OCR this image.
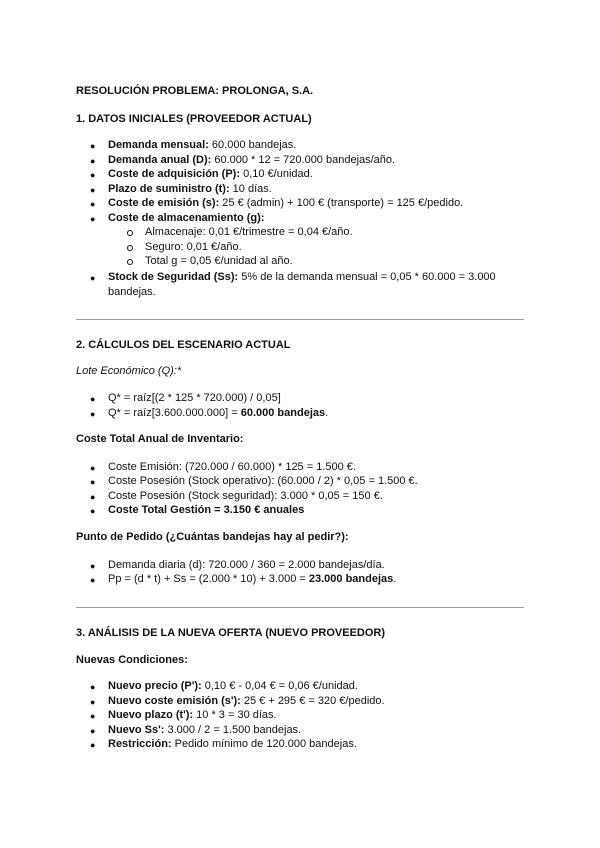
RESOLUCIÓN PROBLEMA: PROLONGA, S.A.
1. DATOS INICIALES (PROVEEDOR ACTUAL)
● Demanda mensual: 60.000 bandejas.
● Demanda anual (D): 60.000 * 12 = 720.000 bandejas/año.
● Coste de adquisición (P): 0,10 €/unidad.
● Plazo de suministro (t): 10 días.
● Coste de emisión (s): 25 € (admin) + 100 € (transporte) = 125 €/pedido.
● Coste de almacenamiento (g):
Almacenaje: 0,01 €/trimestre = 0,04 €/año.
Seguro: 0,01 €/año.
Total g = 0,05 €/unidad al año.
● Stock de Seguridad (Ss): 5% de la demanda mensual = 0,05 * 60.000 = 3.000
bandejas.
2. CÁLCULOS DEL ESCENARIO ACTUAL
Lote Económico (Q):*
● Q* = raíz[(2 * 125 * 720.000) / 0,05]
● Q* = raíz[3.600.000.000] = 60.000 bandejas.
Coste Total Anual de Inventario:
● Coste Emisión: (720.000 / 60.000) * 125 = 1.500 €.
● Coste Posesión (Stock operativo): (60.000 / 2) * 0,05 = 1.500 €.
● Coste Posesión (Stock seguridad): 3.000 * 0,05 = 150 €.
● Coste Total Gestión = 3.150 € anuales
Punto de Pedido (¿Cuántas bandejas hay al pedir?):
● Demanda diaria (d): 720.000 / 360 = 2.000 bandejas/día.
● Pp = (d * t) + Ss = (2.000 * 10) + 3.000 = 23.000 bandejas.
3. ANÁLISIS DE LA NUEVA OFERTA (NUEVO PROVEEDOR)
Nuevas Condiciones:
● Nuevo precio (P'): 0,10 € - 0,04 € = 0,06 €/unidad.
● Nuevo coste emisión (s'): 25 € + 295 € = 320 €/pedido.
● Nuevo plazo (t'): 10 * 3 = 30 días.
● Nuevo Ss': 3.000 / 2 = 1.500 bandejas.
● Restricción: Pedido mínimo de 120.000 bandejas.
